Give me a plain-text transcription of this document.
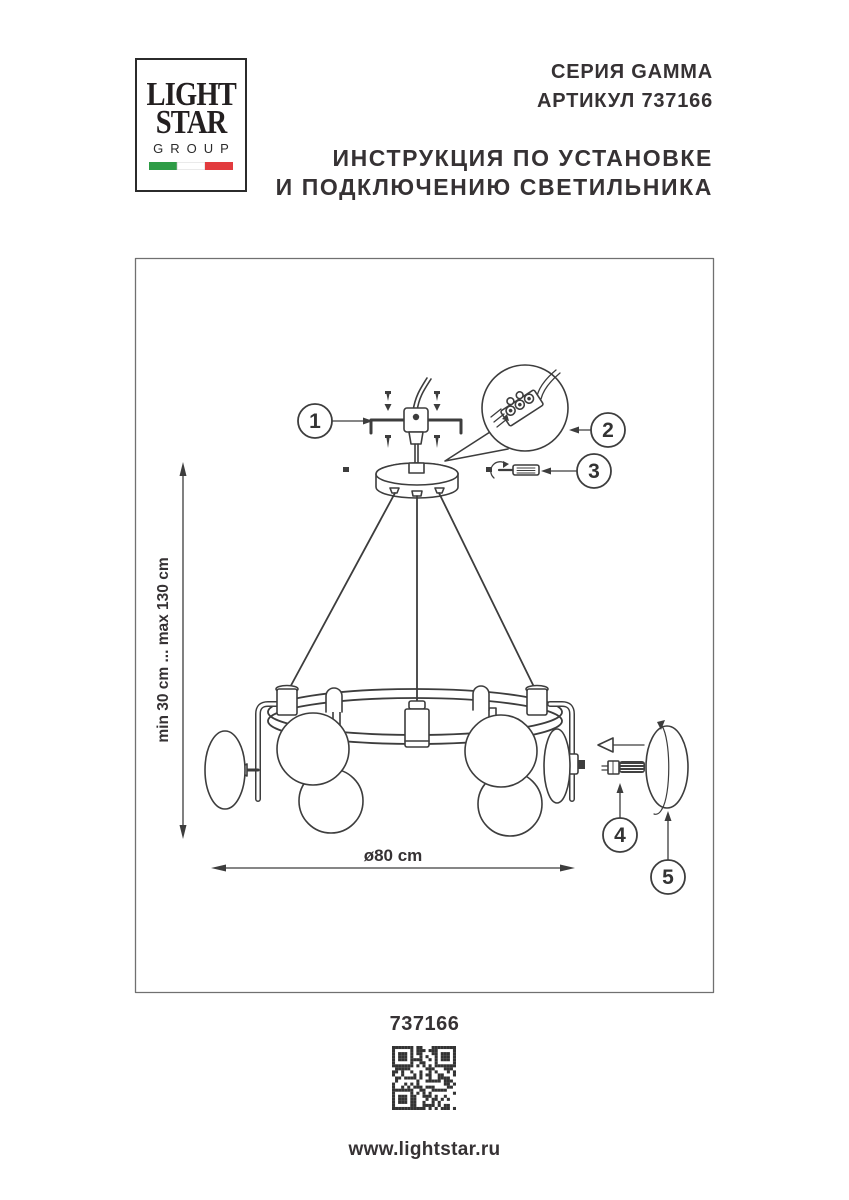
LIGHT
STAR
GROUP
СЕРИЯ GAMMA
АРТИКУЛ 737166
ИНСТРУКЦИЯ ПО УСТАНОВКЕ
И ПОДКЛЮЧЕНИЮ СВЕТИЛЬНИКА
min 30 cm ... max 130 cm
ø80 cm
1	2
3
4
5
737166
www.lightstar.ru
